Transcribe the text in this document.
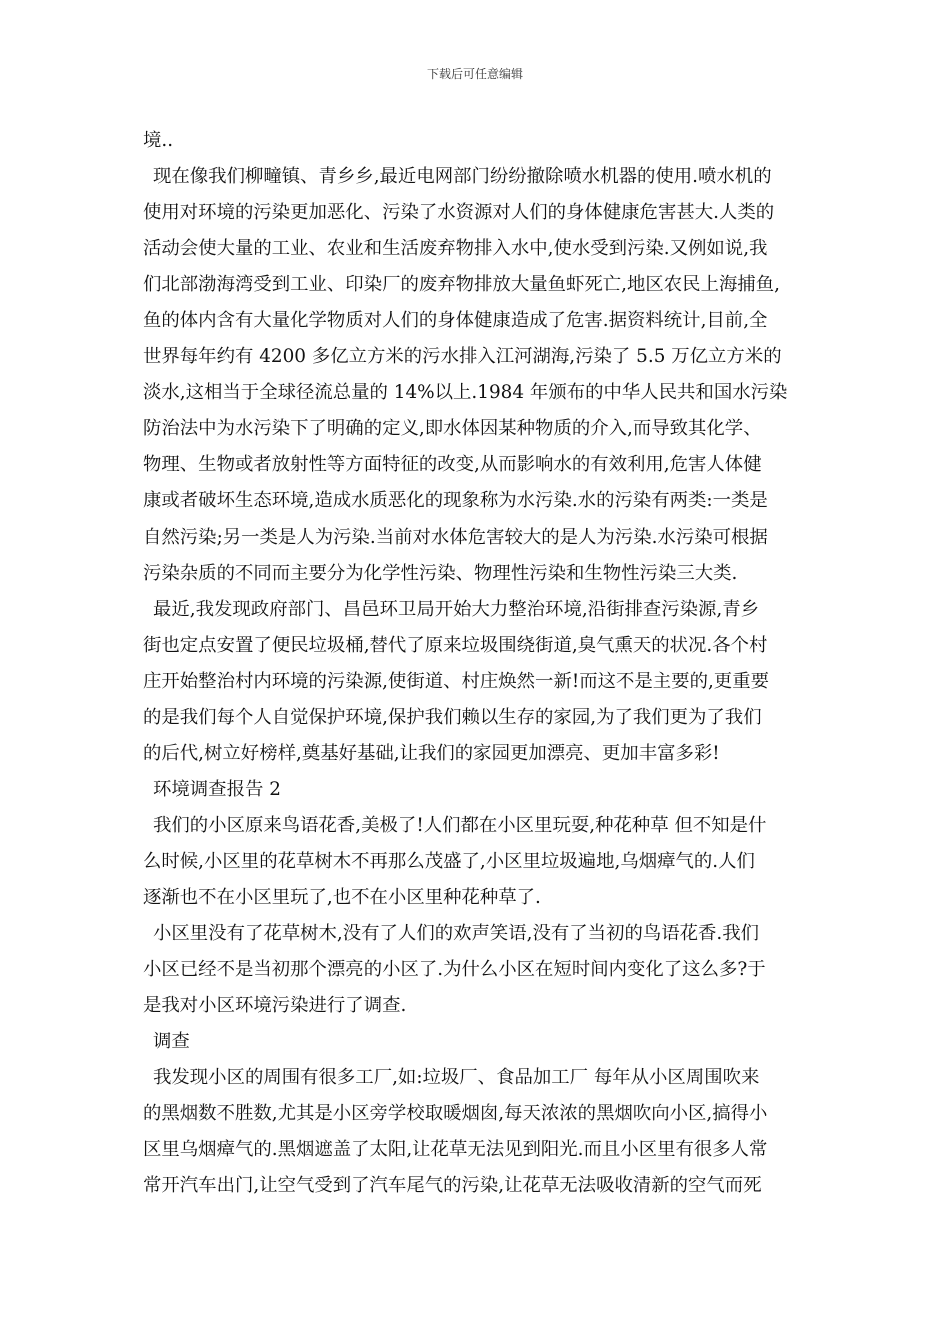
下载后可任意编辑
境..
现在像我们柳疃镇、青乡乡,最近电网部门纷纷撤除喷水机器的使用.喷水机的
使用对环境的污染更加恶化、污染了水资源对人们的身体健康危害甚大.人类的
活动会使大量的工业、农业和生活废弃物排入水中,使水受到污染.又例如说,我
们北部渤海湾受到工业、印染厂的废弃物排放大量鱼虾死亡,地区农民上海捕鱼,
鱼的体内含有大量化学物质对人们的身体健康造成了危害.据资料统计,目前,全
世界每年约有 4200 多亿立方米的污水排入江河湖海,污染了 5.5 万亿立方米的
淡水,这相当于全球径流总量的 14%以上.1984 年颁布的中华人民共和国水污染
防治法中为水污染下了明确的定义,即水体因某种物质的介入,而导致其化学、
物理、生物或者放射性等方面特征的改变,从而影响水的有效利用,危害人体健
康或者破坏生态环境,造成水质恶化的现象称为水污染.水的污染有两类:一类是
自然污染;另一类是人为污染.当前对水体危害较大的是人为污染.水污染可根据
污染杂质的不同而主要分为化学性污染、物理性污染和生物性污染三大类.
最近,我发现政府部门、昌邑环卫局开始大力整治环境,沿街排查污染源,青乡
街也定点安置了便民垃圾桶,替代了原来垃圾围绕街道,臭气熏天的状况.各个村
庄开始整治村内环境的污染源,使街道、村庄焕然一新!而这不是主要的,更重要
的是我们每个人自觉保护环境,保护我们赖以生存的家园,为了我们更为了我们
的后代,树立好榜样,奠基好基础,让我们的家园更加漂亮、更加丰富多彩!
环境调查报告 2
我们的小区原来鸟语花香,美极了!人们都在小区里玩耍,种花种草 但不知是什
么时候,小区里的花草树木不再那么茂盛了,小区里垃圾遍地,乌烟瘴气的.人们
逐渐也不在小区里玩了,也不在小区里种花种草了.
小区里没有了花草树木,没有了人们的欢声笑语,没有了当初的鸟语花香.我们
小区已经不是当初那个漂亮的小区了.为什么小区在短时间内变化了这么多?于
是我对小区环境污染进行了调查.
调查
我发现小区的周围有很多工厂,如:垃圾厂、食品加工厂 每年从小区周围吹来
的黑烟数不胜数,尤其是小区旁学校取暖烟囱,每天浓浓的黑烟吹向小区,搞得小
区里乌烟瘴气的.黑烟遮盖了太阳,让花草无法见到阳光.而且小区里有很多人常
常开汽车出门,让空气受到了汽车尾气的污染,让花草无法吸收清新的空气而死
